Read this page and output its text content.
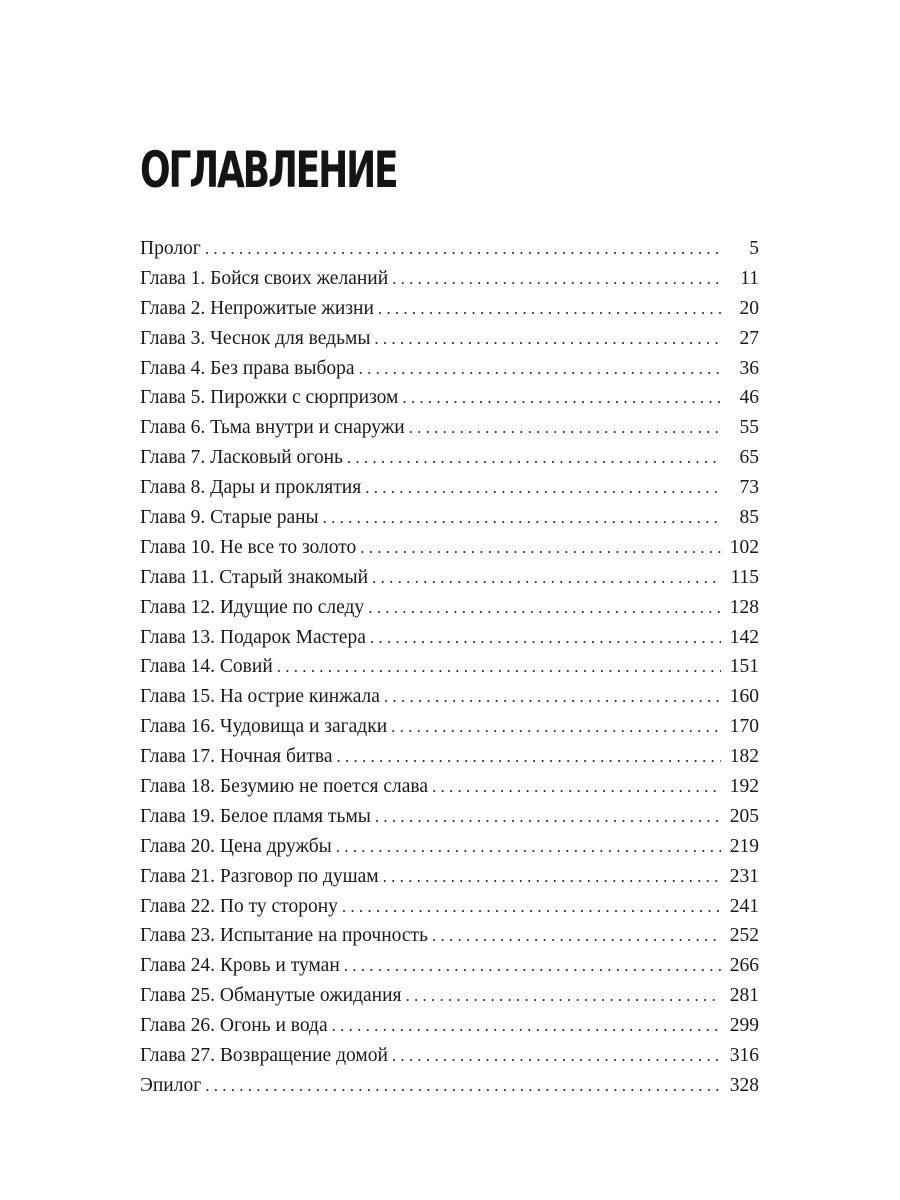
ОГЛАВЛЕНИЕ
Пролог . . .	5
Глава 1. Бойся своих желаний . . .	11
Глава 2. Непрожитые жизни . . .	20
Глава 3. Чеснок для ведьмы . . .	27
Глава 4. Без права выбора . . .	36
Глава 5. Пирожки с сюрпризом . . .	46
Глава 6. Тьма внутри и снаружи . . .	55
Глава 7. Ласковый огонь . . .	65
Глава 8. Дары и проклятия . . .	73
Глава 9. Старые раны . . .	85
Глава 10. Не все то золото . . .	102
Глава 11. Старый знакомый . . .	115
Глава 12. Идущие по следу . . .	128
Глава 13. Подарок Мастера . . .	142
Глава 14. Совий . . .	151
Глава 15. На острие кинжала . . .	160
Глава 16. Чудовища и загадки . . .	170
Глава 17. Ночная битва . . .	182
Глава 18. Безумию не поется слава . . .	192
Глава 19. Белое пламя тьмы . . .	205
Глава 20. Цена дружбы . . .	219
Глава 21. Разговор по душам . . .	231
Глава 22. По ту сторону . . .	241
Глава 23. Испытание на прочность . . .	252
Глава 24. Кровь и туман . . .	266
Глава 25. Обманутые ожидания . . .	281
Глава 26. Огонь и вода . . .	299
Глава 27. Возвращение домой . . .	316
Эпилог . . .	328
